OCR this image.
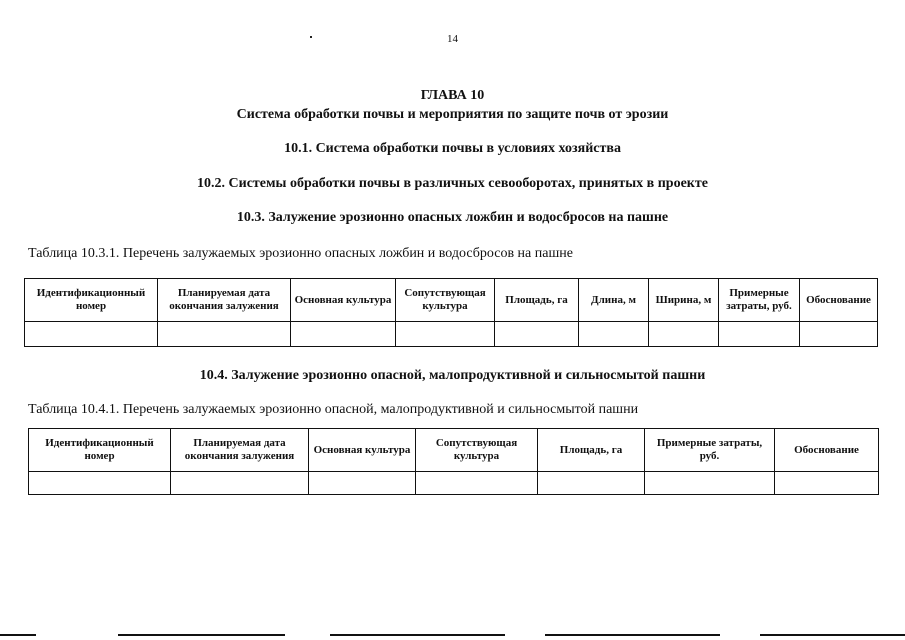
14
ГЛАВА 10
Система обработки почвы и мероприятия по защите почв от эрозии
10.1. Система обработки почвы в условиях хозяйства
10.2. Системы обработки почвы в различных севооборотах, принятых в проекте
10.3. Залужение эрозионно опасных ложбин и водосбросов на пашне
Таблица 10.3.1. Перечень залужаемых эрозионно опасных ложбин и водосбросов на пашне
Идентификационный номер	Планируемая дата окончания залужения	Основная культура	Сопутствующая культура	Площадь, га	Длина, м	Ширина, м	Примерные затраты, руб.	Обоснование

10.4. Залужение эрозионно опасной, малопродуктивной и сильносмытой пашни
Таблица 10.4.1. Перечень залужаемых эрозионно опасной, малопродуктивной и сильносмытой пашни
Идентификационный номер	Планируемая дата окончания залужения	Основная культура	Сопутствующая культура	Площадь, га	Примерные затраты, руб.	Обоснование
